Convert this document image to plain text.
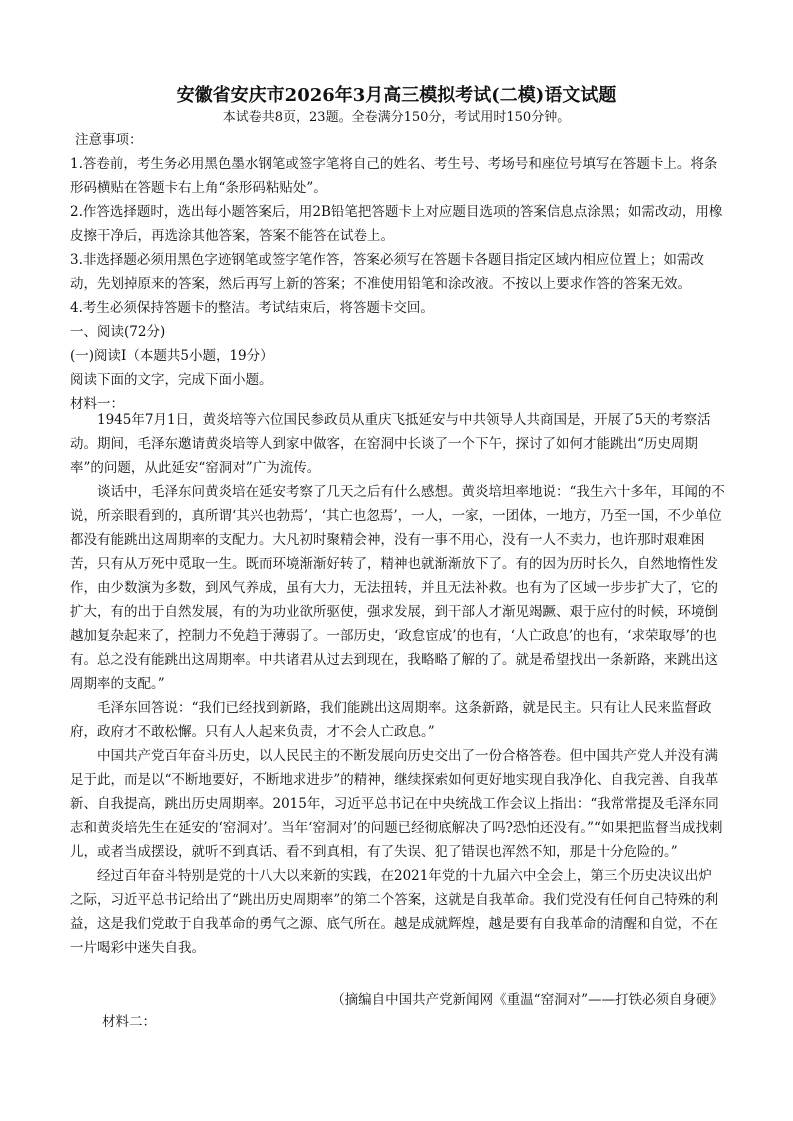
安徽省安庆市2026年3月高三模拟考试(二模)语文试题
本试卷共8页，23题。全卷满分150分，考试用时150分钟。

注意事项：

1.答卷前，考生务必用黑色墨水钢笔或签字笔将自己的姓名、考生号、考场号和座位号填写在答题卡上。将条形码横贴在答题卡右上角“条形码粘贴处”。

2.作答选择题时，选出每小题答案后，用2B铅笔把答题卡上对应题目选项的答案信息点涂黑；如需改动，用橡皮擦干净后，再选涂其他答案，答案不能答在试卷上。

3.非选择题必须用黑色字迹钢笔或签字笔作答，答案必须写在答题卡各题目指定区域内相应位置上；如需改动，先划掉原来的答案，然后再写上新的答案；不准使用铅笔和涂改液。不按以上要求作答的答案无效。

4.考生必须保持答题卡的整洁。考试结束后，将答题卡交回。

一、阅读(72分)

(一)阅读Ⅰ（本题共5小题，19分）

阅读下面的文字，完成下面小题。

材料一：

1945年7月1日，黄炎培等六位国民参政员从重庆飞抵延安与中共领导人共商国是，开展了5天的考察活动。期间，毛泽东邀请黄炎培等人到家中做客，在窑洞中长谈了一个下午，探讨了如何才能跳出“历史周期率”的问题，从此延安“窑洞对”广为流传。

谈话中，毛泽东问黄炎培在延安考察了几天之后有什么感想。黄炎培坦率地说：“我生六十多年，耳闻的不说，所亲眼看到的，真所谓‘其兴也勃焉’，‘其亡也忽焉’，一人，一家，一团体，一地方，乃至一国，不少单位都没有能跳出这周期率的支配力。大凡初时聚精会神，没有一事不用心，没有一人不卖力，也许那时艰难困苦，只有从万死中觅取一生。既而环境渐渐好转了，精神也就渐渐放下了。有的因为历时长久，自然地惰性发作，由少数演为多数，到风气养成，虽有大力，无法扭转，并且无法补救。也有为了区域一步步扩大了，它的扩大，有的出于自然发展，有的为功业欲所驱使，强求发展，到干部人才渐见竭蹶、艰于应付的时候，环境倒越加复杂起来了，控制力不免趋于薄弱了。一部历史，‘政怠宦成’的也有，‘人亡政息’的也有，‘求荣取辱’的也有。总之没有能跳出这周期率。中共诸君从过去到现在，我略略了解的了。就是希望找出一条新路，来跳出这周期率的支配。”

毛泽东回答说：“我们已经找到新路，我们能跳出这周期率。这条新路，就是民主。只有让人民来监督政府，政府才不敢松懈。只有人人起来负责，才不会人亡政息。”

中国共产党百年奋斗历史，以人民民主的不断发展向历史交出了一份合格答卷。但中国共产党人并没有满足于此，而是以“不断地要好，不断地求进步”的精神，继续探索如何更好地实现自我净化、自我完善、自我革新、自我提高，跳出历史周期率。2015年，习近平总书记在中央统战工作会议上指出：“我常常提及毛泽东同志和黄炎培先生在延安的‘窑洞对’。当年‘窑洞对’的问题已经彻底解决了吗?恐怕还没有。”“如果把监督当成找刺儿，或者当成摆设，就听不到真话、看不到真相，有了失误、犯了错误也浑然不知，那是十分危险的。”

经过百年奋斗特别是党的十八大以来新的实践，在2021年党的十九届六中全会上，第三个历史决议出炉之际，习近平总书记给出了“跳出历史周期率”的第二个答案，这就是自我革命。我们党没有任何自己特殊的利益，这是我们党敢于自我革命的勇气之源、底气所在。越是成就辉煌，越是要有自我革命的清醒和自觉，不在一片喝彩中迷失自我。

（摘编自中国共产党新闻网《重温“窑洞对”——打铁必须自身硬》
材料二：
